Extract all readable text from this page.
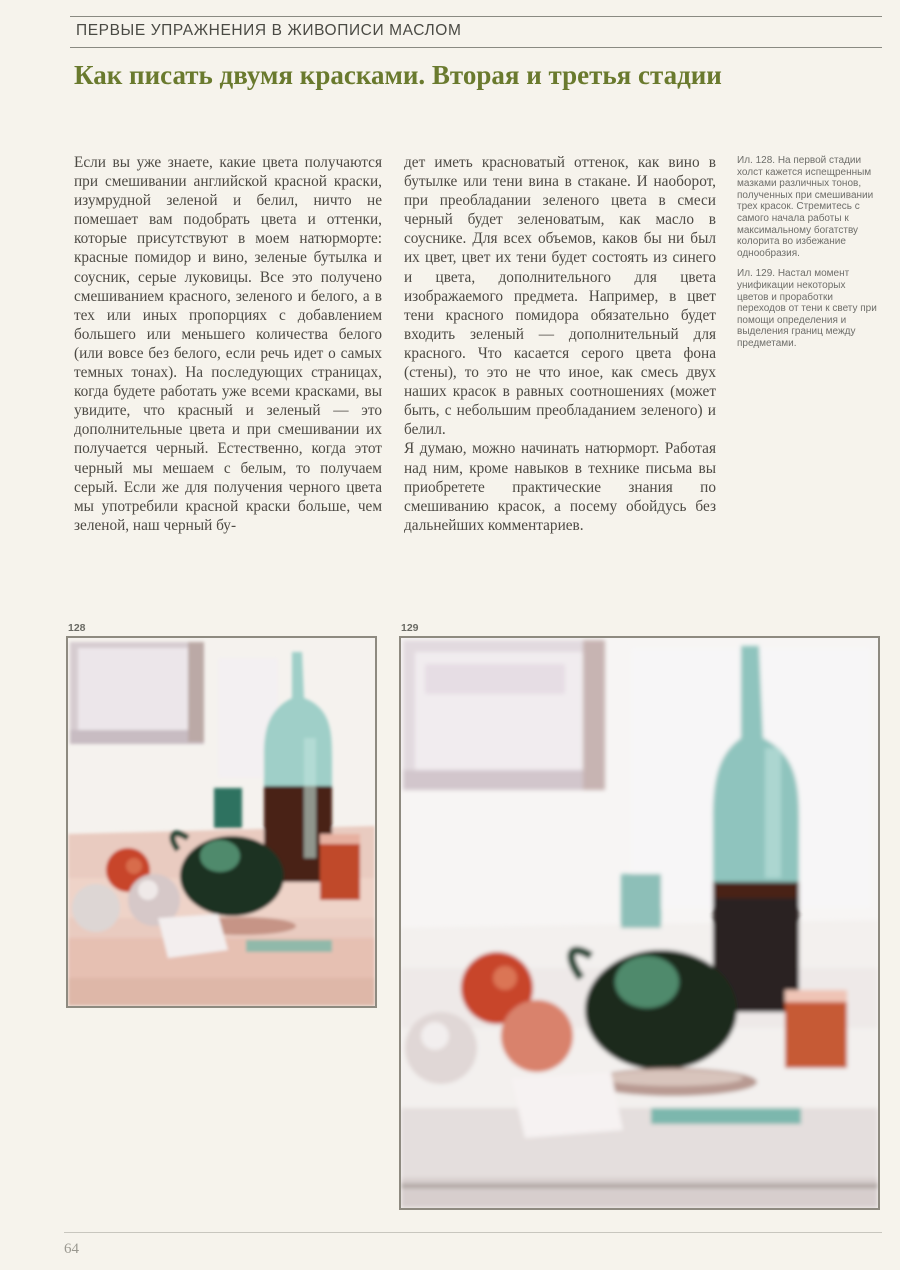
ПЕРВЫЕ УПРАЖНЕНИЯ В ЖИВОПИСИ МАСЛОМ
Как писать двумя красками. Вторая и третья стадии

Если вы уже знаете, какие цвета получаются при смешивании английской красной краски, изумрудной зеленой и белил, ничто не помешает вам подобрать цвета и оттенки, которые присутствуют в моем натюрморте: красные помидор и вино, зеленые бутылка и соусник, серые луковицы. Все это получено смешиванием красного, зеленого и белого, а в тех или иных пропорциях с добавлением большего или меньшего количества белого (или вовсе без белого, если речь идет о самых темных тонах). На последующих страницах, когда будете работать уже всеми красками, вы увидите, что красный и зеленый — это дополнительные цвета и при смешивании их получается черный. Естественно, когда этот черный мы мешаем с белым, то получаем серый. Если же для получения черного цвета мы употребили красной краски больше, чем зеленой, наш черный бу-

дет иметь красноватый оттенок, как вино в бутылке или тени вина в стакане. И наоборот, при преобладании зеленого цвета в смеси черный будет зеленоватым, как масло в соуснике. Для всех объемов, каков бы ни был их цвет, цвет их тени будет состоять из синего и цвета, дополнительного для цвета изображаемого предмета. Например, в цвет тени красного помидора обязательно будет входить зеленый — дополнительный для красного. Что касается серого цвета фона (стены), то это не что иное, как смесь двух наших красок в равных соотношениях (может быть, с небольшим преобладанием зеленого) и белил.

Я думаю, можно начинать натюрморт. Работая над ним, кроме навыков в технике письма вы приобретете практические знания по смешиванию красок, а посему обойдусь без дальнейших комментариев.

Ил. 128. На первой стадии холст кажется испещренным мазками различных тонов, полученных при смешивании трех красок. Стремитесь с самого начала работы к максимальному богатству колорита во избежание однообразия.

Ил. 129. Настал момент унификации некоторых цветов и проработки переходов от тени к свету при помощи определения и выделения границ между предметами.

128	129
64
